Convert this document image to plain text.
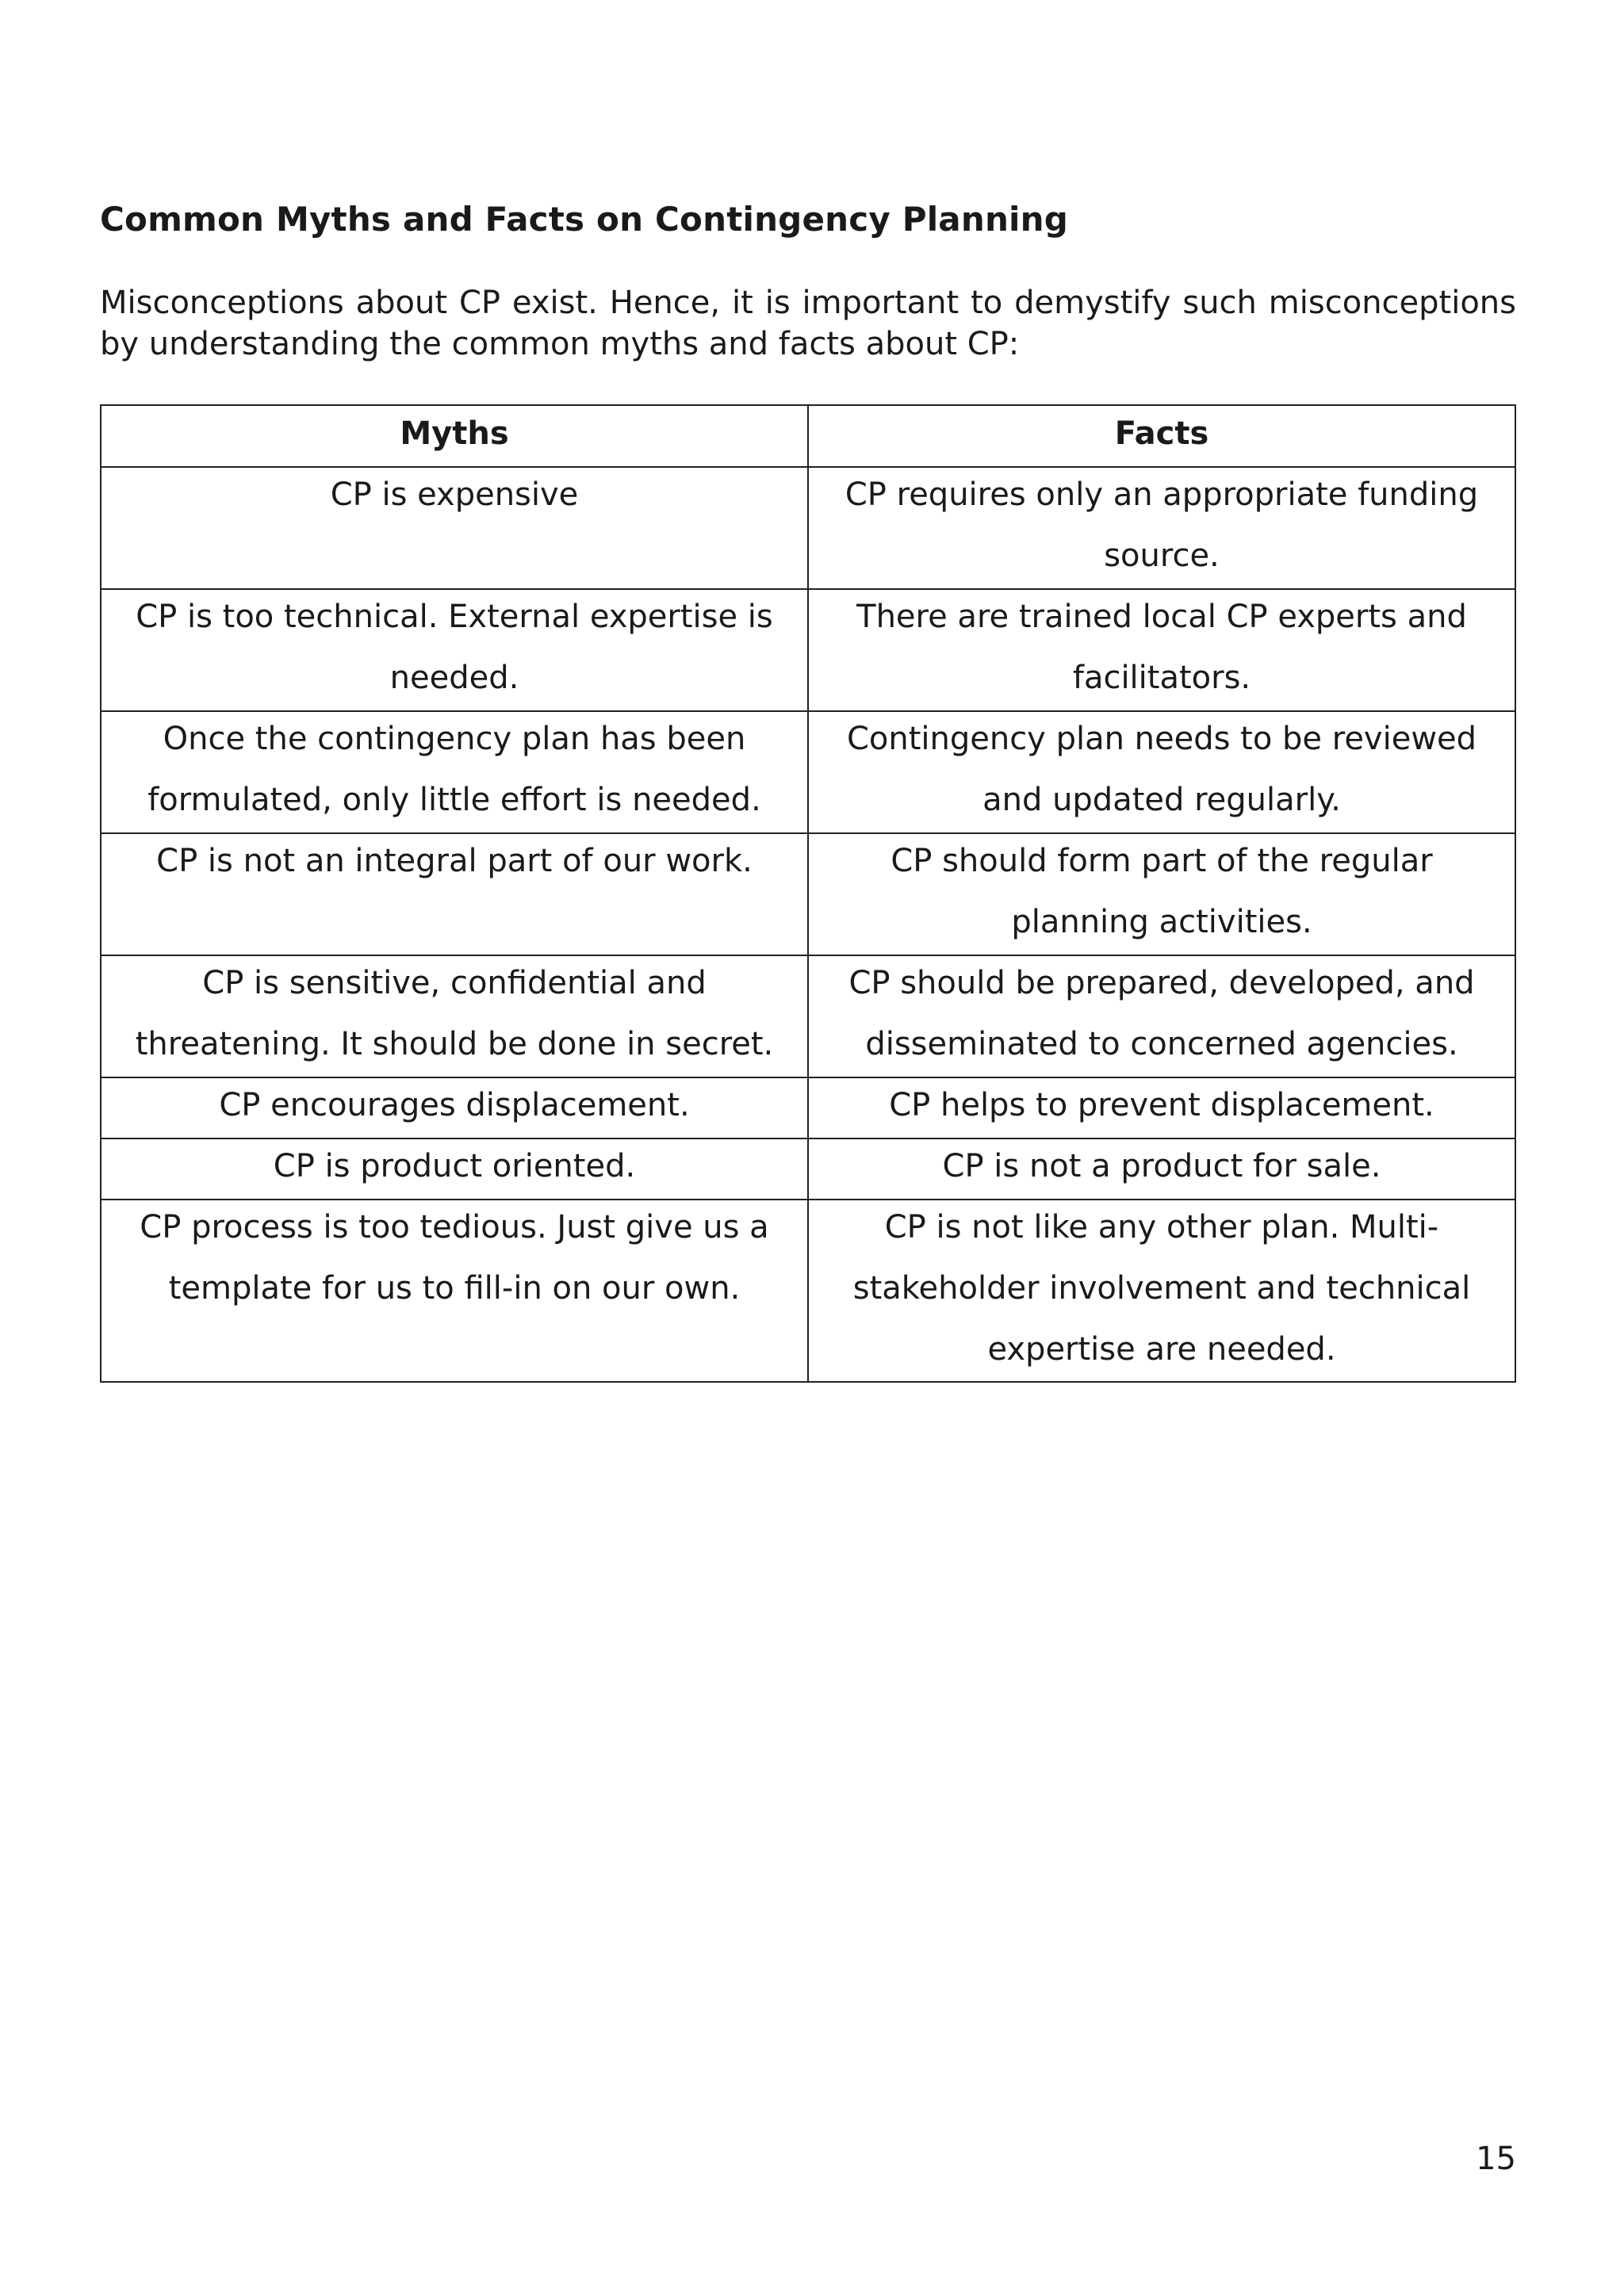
Common Myths and Facts on Contingency Planning

Misconceptions about CP exist. Hence, it is important to demystify such misconceptions by understanding the common myths and facts about CP:

Myths	Facts

CP is expensive	CP requires only an appropriate funding source.

CP is too technical. External expertise is needed.	There are trained local CP experts and facilitators.

Once the contingency plan has been formulated, only little effort is needed.	Contingency plan needs to be reviewed and updated regularly.

CP is not an integral part of our work.	CP should form part of the regular planning activities.

CP is sensitive, confidential and threatening. It should be done in secret.	CP should be prepared, developed, and disseminated to concerned agencies.

CP encourages displacement.	CP helps to prevent displacement.

CP is product oriented.	CP is not a product for sale.

CP process is too tedious. Just give us a template for us to fill-in on our own.	CP is not like any other plan. Multi-stakeholder involvement and technical expertise are needed.
15
